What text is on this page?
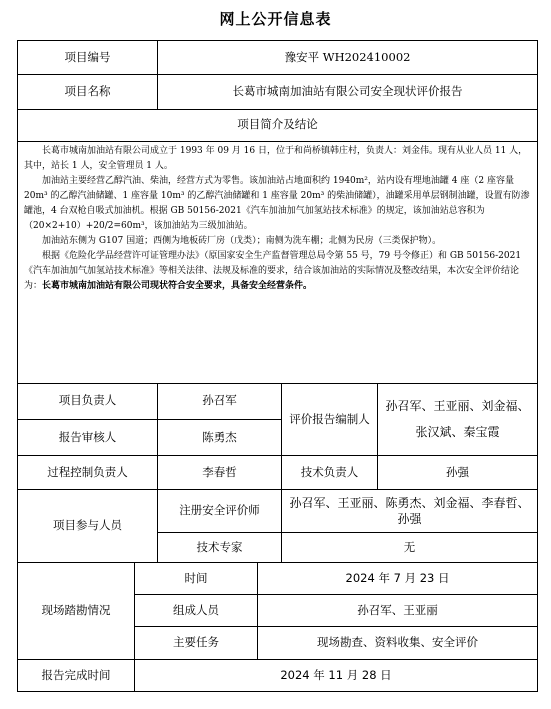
网上公开信息表
项目编号		豫安平 WH202410002			
项目名称		长葛市城南加油站有限公司安全现状评价报告			
项目简介及结论					

长葛市城南加油站有限公司成立于 1993 年 09 月 16 日，位于和尚桥镇韩庄村，负责人：刘金伟。现有从业人员 11 人，其中，站长 1 人，安全管理员 1 人。

加油站主要经营乙醇汽油、柴油，经营方式为零售。该加油站占地面积约 1940m²，站内设有埋地油罐 4 座（2 座容量 20m³ 的乙醇汽油储罐、1 座容量 10m³ 的乙醇汽油储罐和 1 座容量 20m³ 的柴油储罐），油罐采用单层钢制油罐，设置有防渗罐池，4 台双枪自吸式加油机。根据 GB 50156-2021《汽车加油加气加氢站技术标准》的规定，该加油站总容积为（20×2+10）+20/2=60m³，该加油站为三级加油站。

加油站东侧为 G107 国道；西侧为地板砖厂房（戊类）；南侧为洗车棚；北侧为民房（三类保护物）。

根据《危险化学品经营许可证管理办法》（原国家安全生产监督管理总局令第 55 号，79 号令修正）和 GB 50156-2021《汽车加油加气加氢站技术标准》等相关法律、法规及标准的要求，结合该加油站的实际情况及整改结果，本次安全评价结论为：长葛市城南加油站有限公司现状符合安全要求，具备安全经营条件。					

项目负责人		孙召军		评价报告编制人	孙召军、王亚丽、刘金福、张汉斌、秦宝霞
报告审核人		陈勇杰			
过程控制负责人		李春哲		技术负责人	孙强
项目参与人员		注册安全评价师		孙召军、王亚丽、陈勇杰、刘金福、李春哲、孙强	
		技术专家		无	
现场踏勘情况	时间		2024 年 7 月 23 日		
	组成人员		孙召军、王亚丽		
	主要任务		现场勘查、资料收集、安全评价		
报告完成时间	2024 年 11 月 28 日				
